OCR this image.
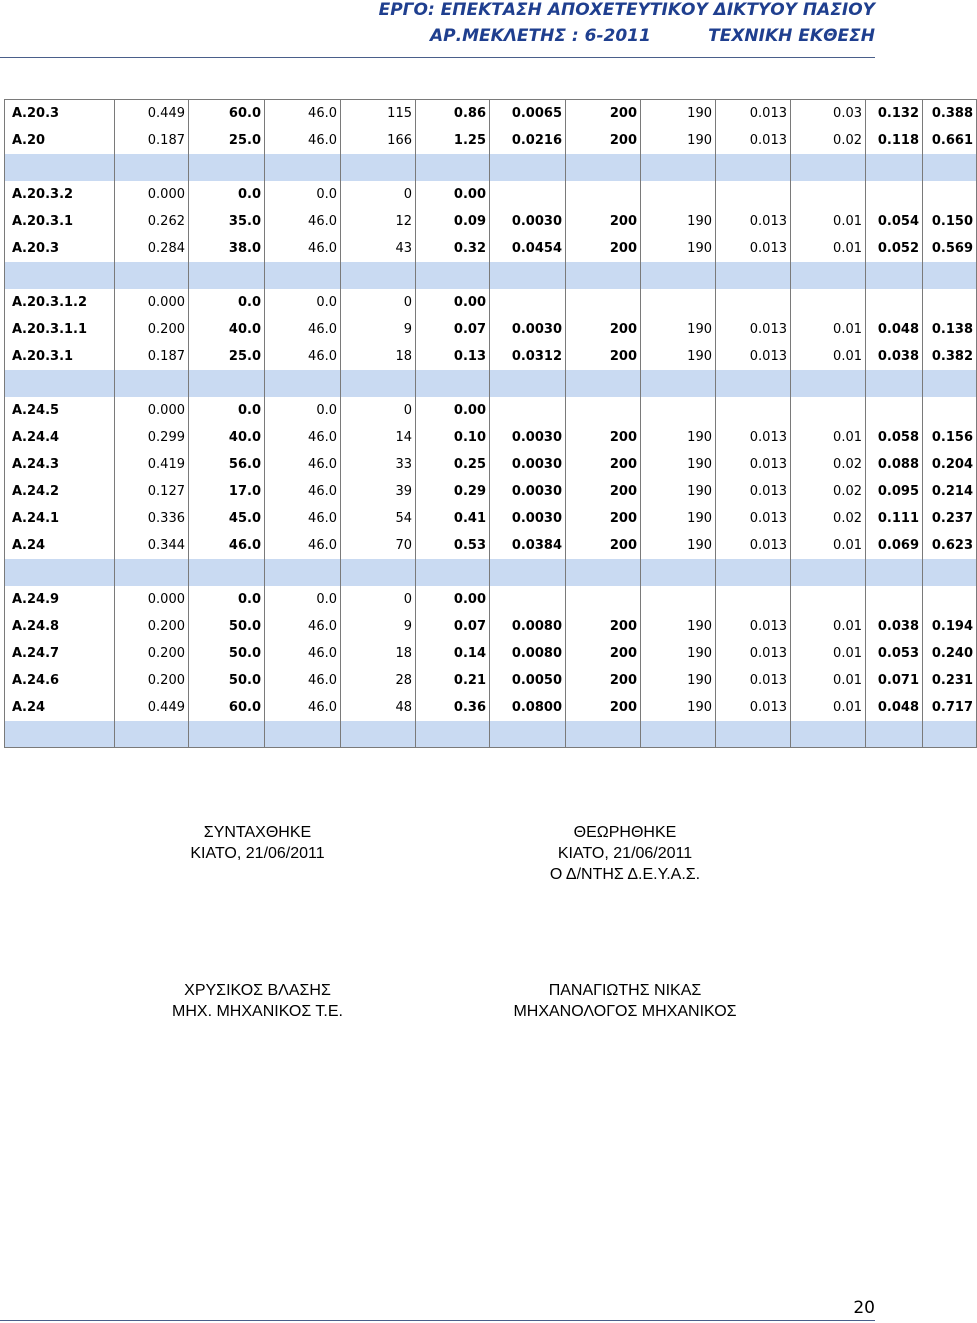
ΕΡΓΟ: ΕΠΕΚΤΑΣΗ ΑΠΟΧΕΤΕΥΤΙΚΟΥ ΔΙΚΤΥΟΥ ΠΑΣΙΟΥ
ΑΡ.ΜΕΚΛΕΤΗΣ : 6-2011	ΤΕΧΝΙΚΗ ΕΚΘΕΣΗ
Α.20.3	0.449	60.0	46.0	115	0.86	0.0065	200	190	0.013	0.03	0.132	0.388
Α.20	0.187	25.0	46.0	166	1.25	0.0216	200	190	0.013	0.02	0.118	0.661

Α.20.3.2	0.000	0.0	0.0	0	0.00							
Α.20.3.1	0.262	35.0	46.0	12	0.09	0.0030	200	190	0.013	0.01	0.054	0.150
Α.20.3	0.284	38.0	46.0	43	0.32	0.0454	200	190	0.013	0.01	0.052	0.569

Α.20.3.1.2	0.000	0.0	0.0	0	0.00							
Α.20.3.1.1	0.200	40.0	46.0	9	0.07	0.0030	200	190	0.013	0.01	0.048	0.138
Α.20.3.1	0.187	25.0	46.0	18	0.13	0.0312	200	190	0.013	0.01	0.038	0.382

Α.24.5	0.000	0.0	0.0	0	0.00							
Α.24.4	0.299	40.0	46.0	14	0.10	0.0030	200	190	0.013	0.01	0.058	0.156
Α.24.3	0.419	56.0	46.0	33	0.25	0.0030	200	190	0.013	0.02	0.088	0.204
Α.24.2	0.127	17.0	46.0	39	0.29	0.0030	200	190	0.013	0.02	0.095	0.214
Α.24.1	0.336	45.0	46.0	54	0.41	0.0030	200	190	0.013	0.02	0.111	0.237
Α.24	0.344	46.0	46.0	70	0.53	0.0384	200	190	0.013	0.01	0.069	0.623

Α.24.9	0.000	0.0	0.0	0	0.00							
Α.24.8	0.200	50.0	46.0	9	0.07	0.0080	200	190	0.013	0.01	0.038	0.194
Α.24.7	0.200	50.0	46.0	18	0.14	0.0080	200	190	0.013	0.01	0.053	0.240
Α.24.6	0.200	50.0	46.0	28	0.21	0.0050	200	190	0.013	0.01	0.071	0.231
Α.24	0.449	60.0	46.0	48	0.36	0.0800	200	190	0.013	0.01	0.048	0.717

ΣΥΝΤΑΧΘΗΚΕ
ΚΙΑΤΟ, 21/06/2011
ΘΕΩΡΗΘΗΚΕ
ΚΙΑΤΟ, 21/06/2011
Ο Δ/ΝΤΗΣ Δ.Ε.Υ.Α.Σ.
ΧΡΥΣΙΚΟΣ ΒΛΑΣΗΣ
ΜΗΧ. ΜΗΧΑΝΙΚΟΣ Τ.Ε.
ΠΑΝΑΓΙΩΤΗΣ ΝΙΚΑΣ
ΜΗΧΑΝΟΛΟΓΟΣ ΜΗΧΑΝΙΚΟΣ
20
